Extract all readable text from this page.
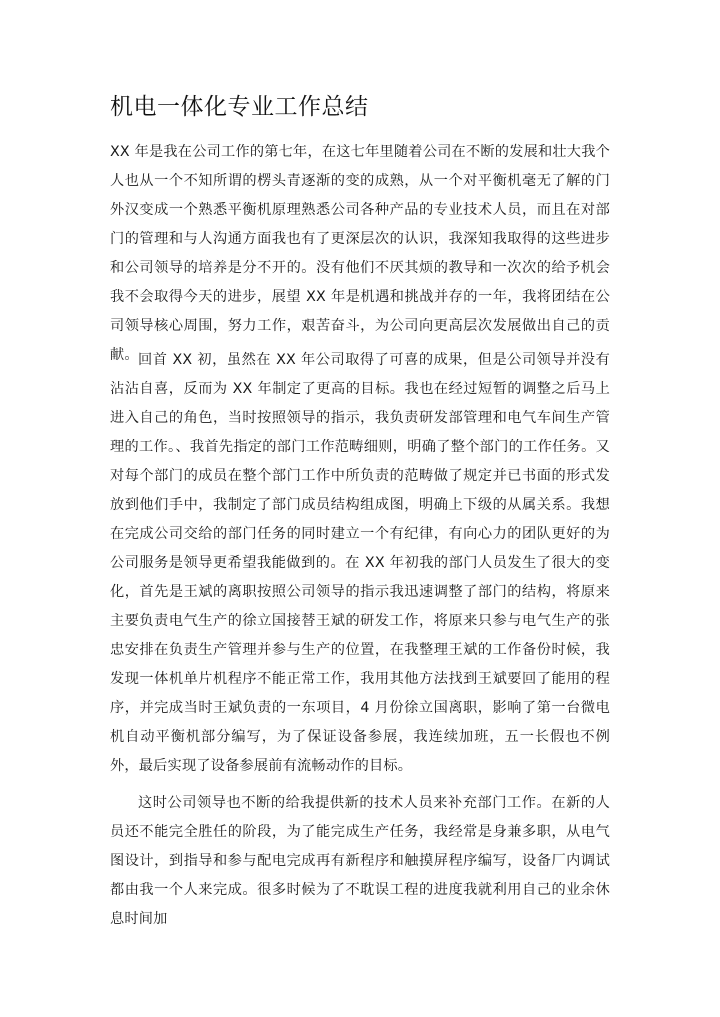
机电一体化专业工作总结

XX 年是我在公司工作的第七年，在这七年里随着公司在不断的发展和壮大我个人也从一个不知所谓的楞头青逐渐的变的成熟，从一个对平衡机毫无了解的门外汉变成一个熟悉平衡机原理熟悉公司各种产品的专业技术人员，而且在对部门的管理和与人沟通方面我也有了更深层次的认识，我深知我取得的这些进步和公司领导的培养是分不开的。没有他们不厌其烦的教导和一次次的给予机会我不会取得今天的进步，展望 XX 年是机遇和挑战并存的一年，我将团结在公司领导核心周围，努力工作，艰苦奋斗，为公司向更高层次发展做出自己的贡献。 回首 XX 初，虽然在 XX 年公司取得了可喜的成果，但是公司领导并没有沾沾自喜，反而为 XX 年制定了更高的目标。我也在经过短暂的调整之后马上进入自己的角色，当时按照领导的指示，我负责研发部管理和电气车间生产管理的工作。、我首先指定的部门工作范畴细则，明确了整个部门的工作任务。又对每个部门的成员在整个部门工作中所负责的范畴做了规定并已书面的形式发放到他们手中，我制定了部门成员结构组成图，明确上下级的从属关系。我想在完成公司交给的部门任务的同时建立一个有纪律，有向心力的团队更好的为公司服务是领导更希望我能做到的。在 XX 年初我的部门人员发生了很大的变化，首先是王斌的离职按照公司领导的指示我迅速调整了部门的结构，将原来主要负责电气生产的徐立国接替王斌的研发工作，将原来只参与电气生产的张忠安排在负责生产管理并参与生产的位置，在我整理王斌的工作备份时候，我发现一体机单片机程序不能正常工作，我用其他方法找到王斌要回了能用的程序，并完成当时王斌负责的一东项目，4 月份徐立国离职，影响了第一台微电机自动平衡机部分编写，为了保证设备参展，我连续加班，五一长假也不例外，最后实现了设备参展前有流畅动作的目标。

这时公司领导也不断的给我提供新的技术人员来补充部门工作。在新的人员还不能完全胜任的阶段，为了能完成生产任务，我经常是身兼多职，从电气图设计，到指导和参与配电完成再有新程序和触摸屏程序编写，设备厂内调试都由我一个人来完成。很多时候为了不耽误工程的进度我就利用自己的业余休息时间加
